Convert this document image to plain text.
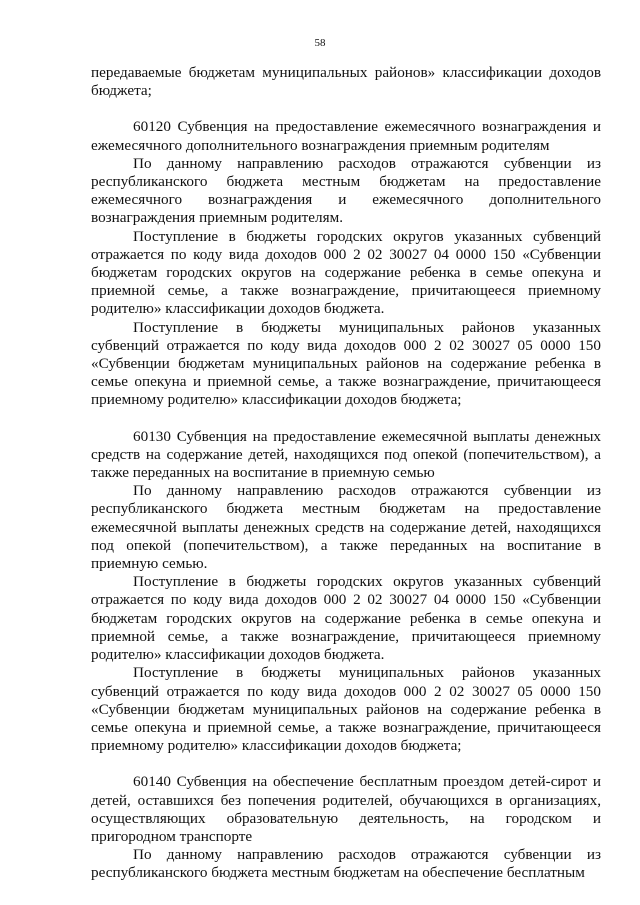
58

передаваемые бюджетам муниципальных районов» классификации доходов бюджета;

60120 Субвенция на предоставление ежемесячного вознаграждения и ежемесячного дополнительного вознаграждения приемным родителям

По данному направлению расходов отражаются субвенции из республиканского бюджета местным бюджетам на предоставление ежемесячного вознаграждения и ежемесячного дополнительного вознаграждения приемным родителям.

Поступление в бюджеты городских округов указанных субвенций отражается по коду вида доходов 000 2 02 30027 04 0000 150 «Субвенции бюджетам городских округов на содержание ребенка в семье опекуна и приемной семье, а также вознаграждение, причитающееся приемному родителю» классификации доходов бюджета.

Поступление в бюджеты муниципальных районов указанных субвенций отражается по коду вида доходов 000 2 02 30027 05 0000 150 «Субвенции бюджетам муниципальных районов на содержание ребенка в семье опекуна и приемной семье, а также вознаграждение, причитающееся приемному родителю» классификации доходов бюджета;

60130 Субвенция на предоставление ежемесячной выплаты денежных средств на содержание детей, находящихся под опекой (попечительством), а также переданных на воспитание в приемную семью

По данному направлению расходов отражаются субвенции из республиканского бюджета местным бюджетам на предоставление ежемесячной выплаты денежных средств на содержание детей, находящихся под опекой (попечительством), а также переданных на воспитание в приемную семью.

Поступление в бюджеты городских округов указанных субвенций отражается по коду вида доходов 000 2 02 30027 04 0000 150 «Субвенции бюджетам городских округов на содержание ребенка в семье опекуна и приемной семье, а также вознаграждение, причитающееся приемному родителю» классификации доходов бюджета.

Поступление в бюджеты муниципальных районов указанных субвенций отражается по коду вида доходов 000 2 02 30027 05 0000 150 «Субвенции бюджетам муниципальных районов на содержание ребенка в семье опекуна и приемной семье, а также вознаграждение, причитающееся приемному родителю» классификации доходов бюджета;

60140 Субвенция на обеспечение бесплатным проездом детей-сирот и детей, оставшихся без попечения родителей, обучающихся в организациях, осуществляющих образовательную деятельность, на городском и пригородном транспорте

По данному направлению расходов отражаются субвенции из республиканского бюджета местным бюджетам на обеспечение бесплатным
